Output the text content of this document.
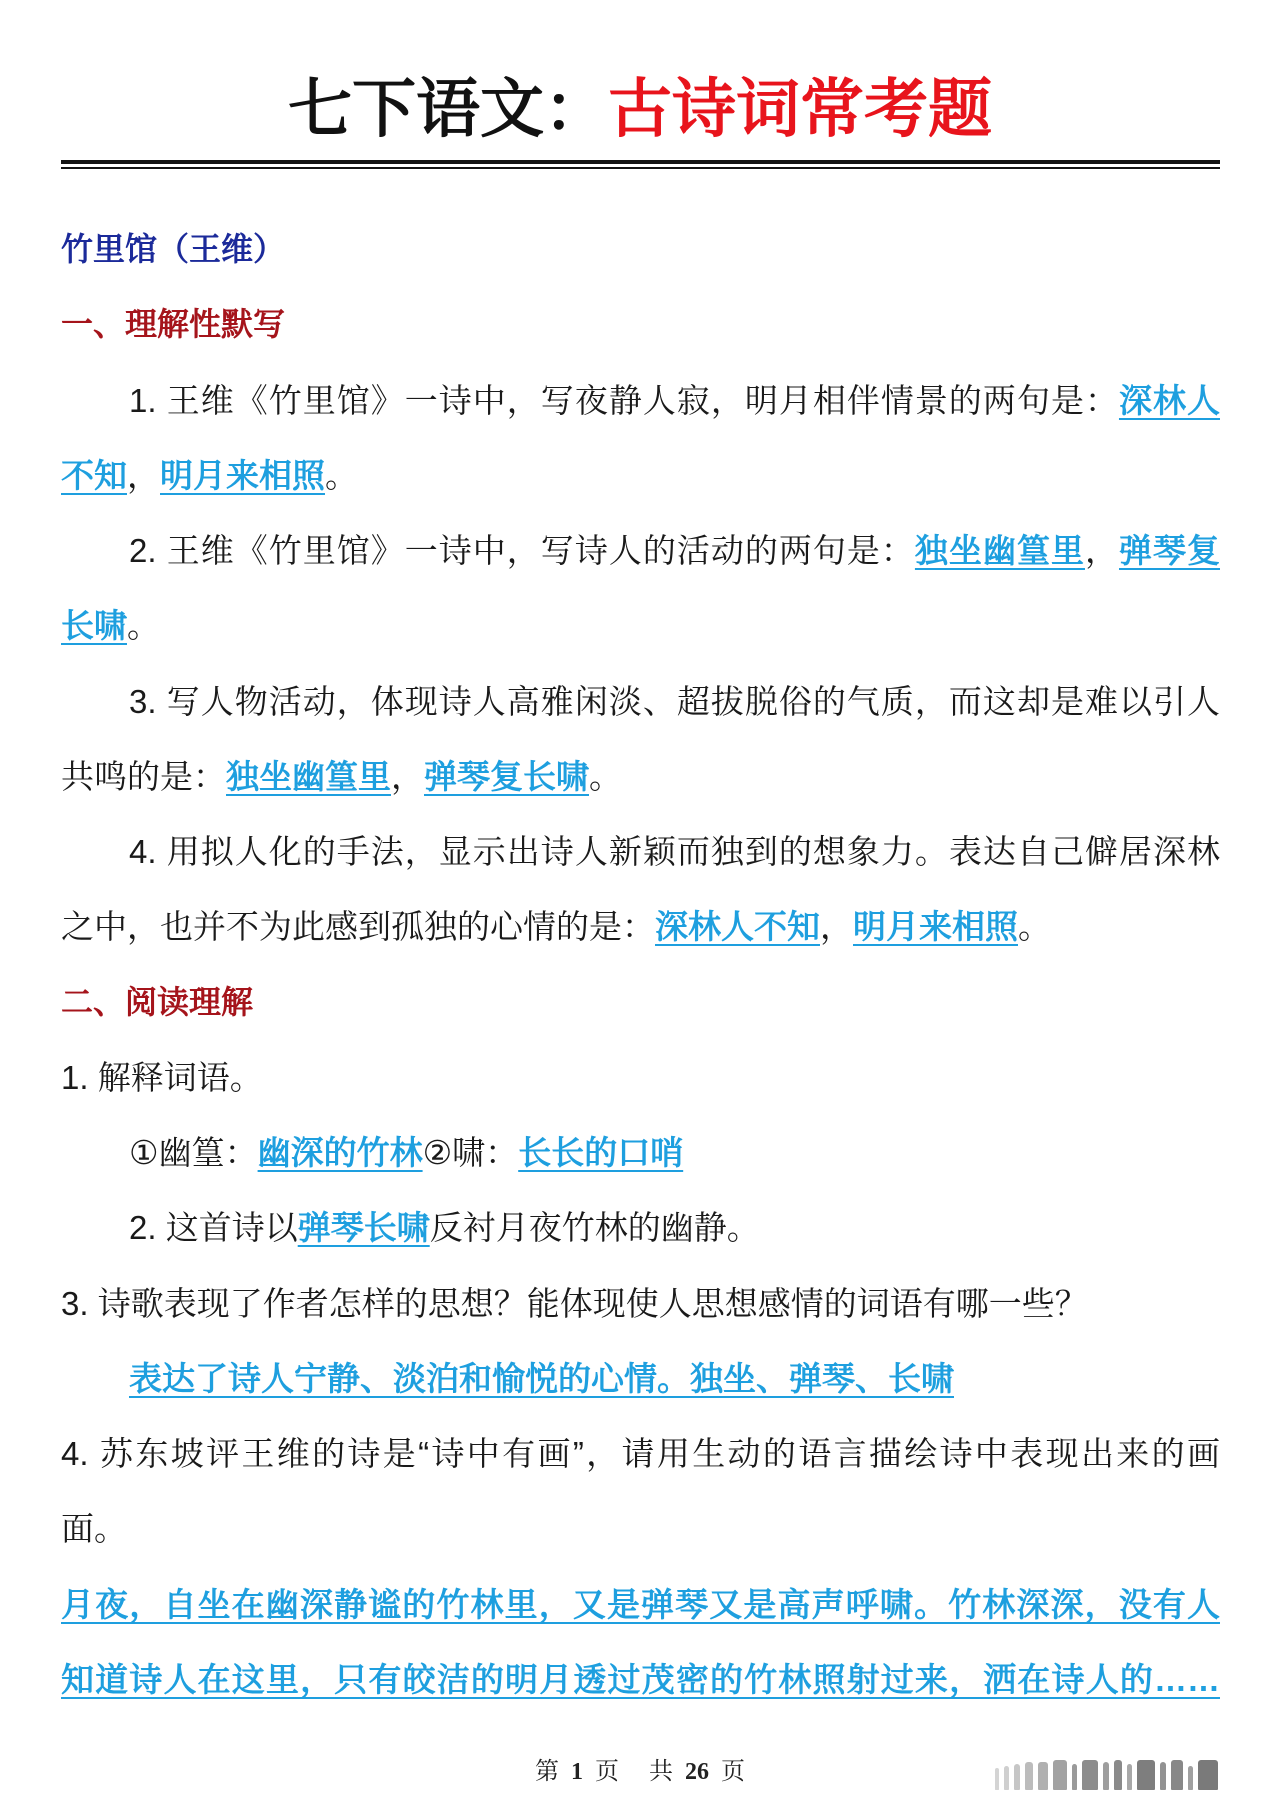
七下语文：古诗词常考题
竹里馆（王维）
一、理解性默写
1. 王维《竹里馆》一诗中，写夜静人寂，明月相伴情景的两句是：深林人
不知，明月来相照。
2. 王维《竹里馆》一诗中，写诗人的活动的两句是：独坐幽篁里，弹琴复
长啸。
3. 写人物活动，体现诗人高雅闲淡、超拔脱俗的气质，而这却是难以引人
共鸣的是：独坐幽篁里，弹琴复长啸。
4. 用拟人化的手法，显示出诗人新颖而独到的想象力。表达自己僻居深林
之中，也并不为此感到孤独的心情的是：深林人不知，明月来相照。
二、阅读理解
1. 解释词语。
①幽篁：幽深的竹林②啸：长长的口哨
2. 这首诗以弹琴长啸反衬月夜竹林的幽静。
3. 诗歌表现了作者怎样的思想？能体现使人思想感情的词语有哪一些？
表达了诗人宁静、淡泊和愉悦的心情。独坐、弹琴、长啸
4. 苏东坡评王维的诗是“诗中有画”，请用生动的语言描绘诗中表现出来的画
面。
月夜，自坐在幽深静谧的竹林里，又是弹琴又是高声呼啸。竹林深深，没有人
知道诗人在这里，只有皎洁的明月透过茂密的竹林照射过来，洒在诗人的……
第 1 页 共 26 页
